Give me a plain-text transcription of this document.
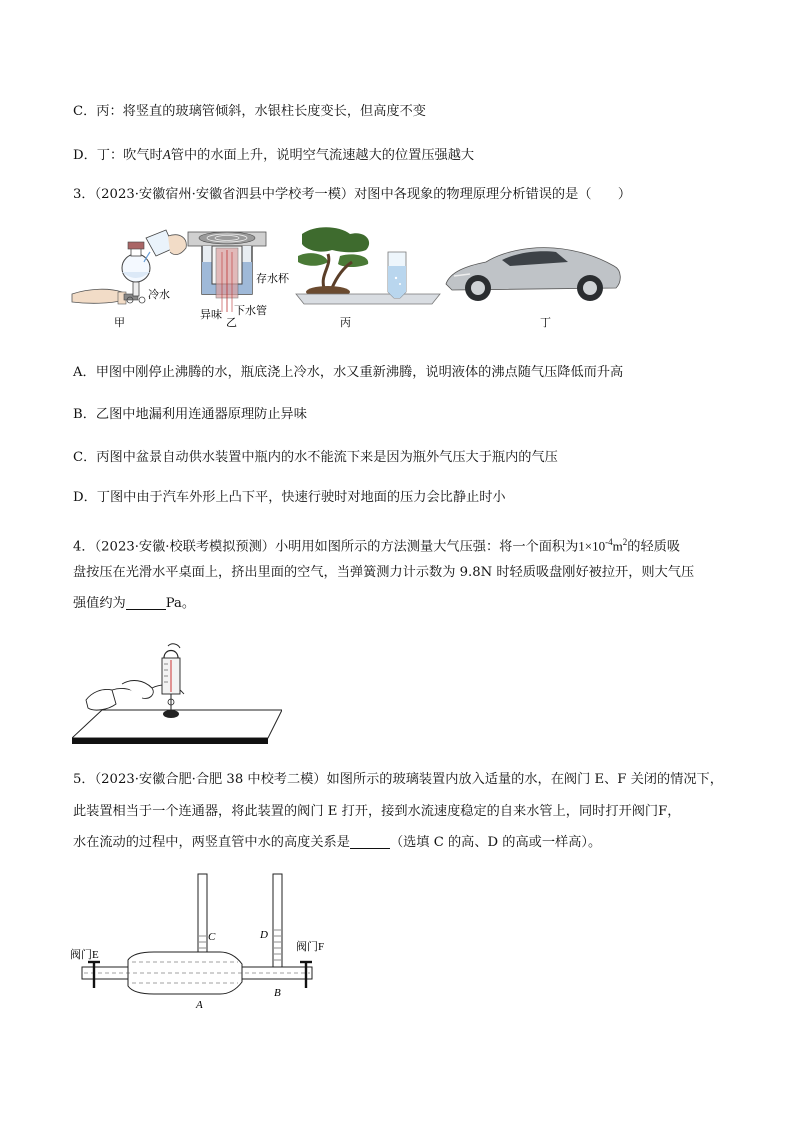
C．丙：将竖直的玻璃管倾斜，水银柱长度变长，但高度不变
D．丁：吹气时A管中的水面上升，说明空气流速越大的位置压强越大
3．（2023·安徽宿州·安徽省泗县中学校考一模）对图中各现象的物理原理分析错误的是（　　）
冷水
甲
存水杯
异味 下水管
乙	丙	丁
A．甲图中刚停止沸腾的水，瓶底浇上冷水，水又重新沸腾，说明液体的沸点随气压降低而升高
B．乙图中地漏利用连通器原理防止异味
C．丙图中盆景自动供水装置中瓶内的水不能流下来是因为瓶外气压大于瓶内的气压
D．丁图中由于汽车外形上凸下平，快速行驶时对地面的压力会比静止时小
4．（2023·安徽·校联考模拟预测）小明用如图所示的方法测量大气压强：将一个面积为$1\times 10^{-4}m^2$的轻质吸
盘按压在光滑水平桌面上，挤出里面的空气，当弹簧测力计示数为 9.8N 时轻质吸盘刚好被拉开，则大气压
强值约为	Pa。
5．（2023·安徽合肥·合肥 38 中校考二模）如图所示的玻璃装置内放入适量的水，在阀门 E、F 关闭的情况下，
此装置相当于一个连通器，将此装置的阀门 E 打开，接到水流速度稳定的自来水管上，同时打开阀门F，
水在流动的过程中，两竖直管中水的高度关系是	（选填 C 的高、D 的高或一样高）。
阀门E
阀门F
C	D
A
B
